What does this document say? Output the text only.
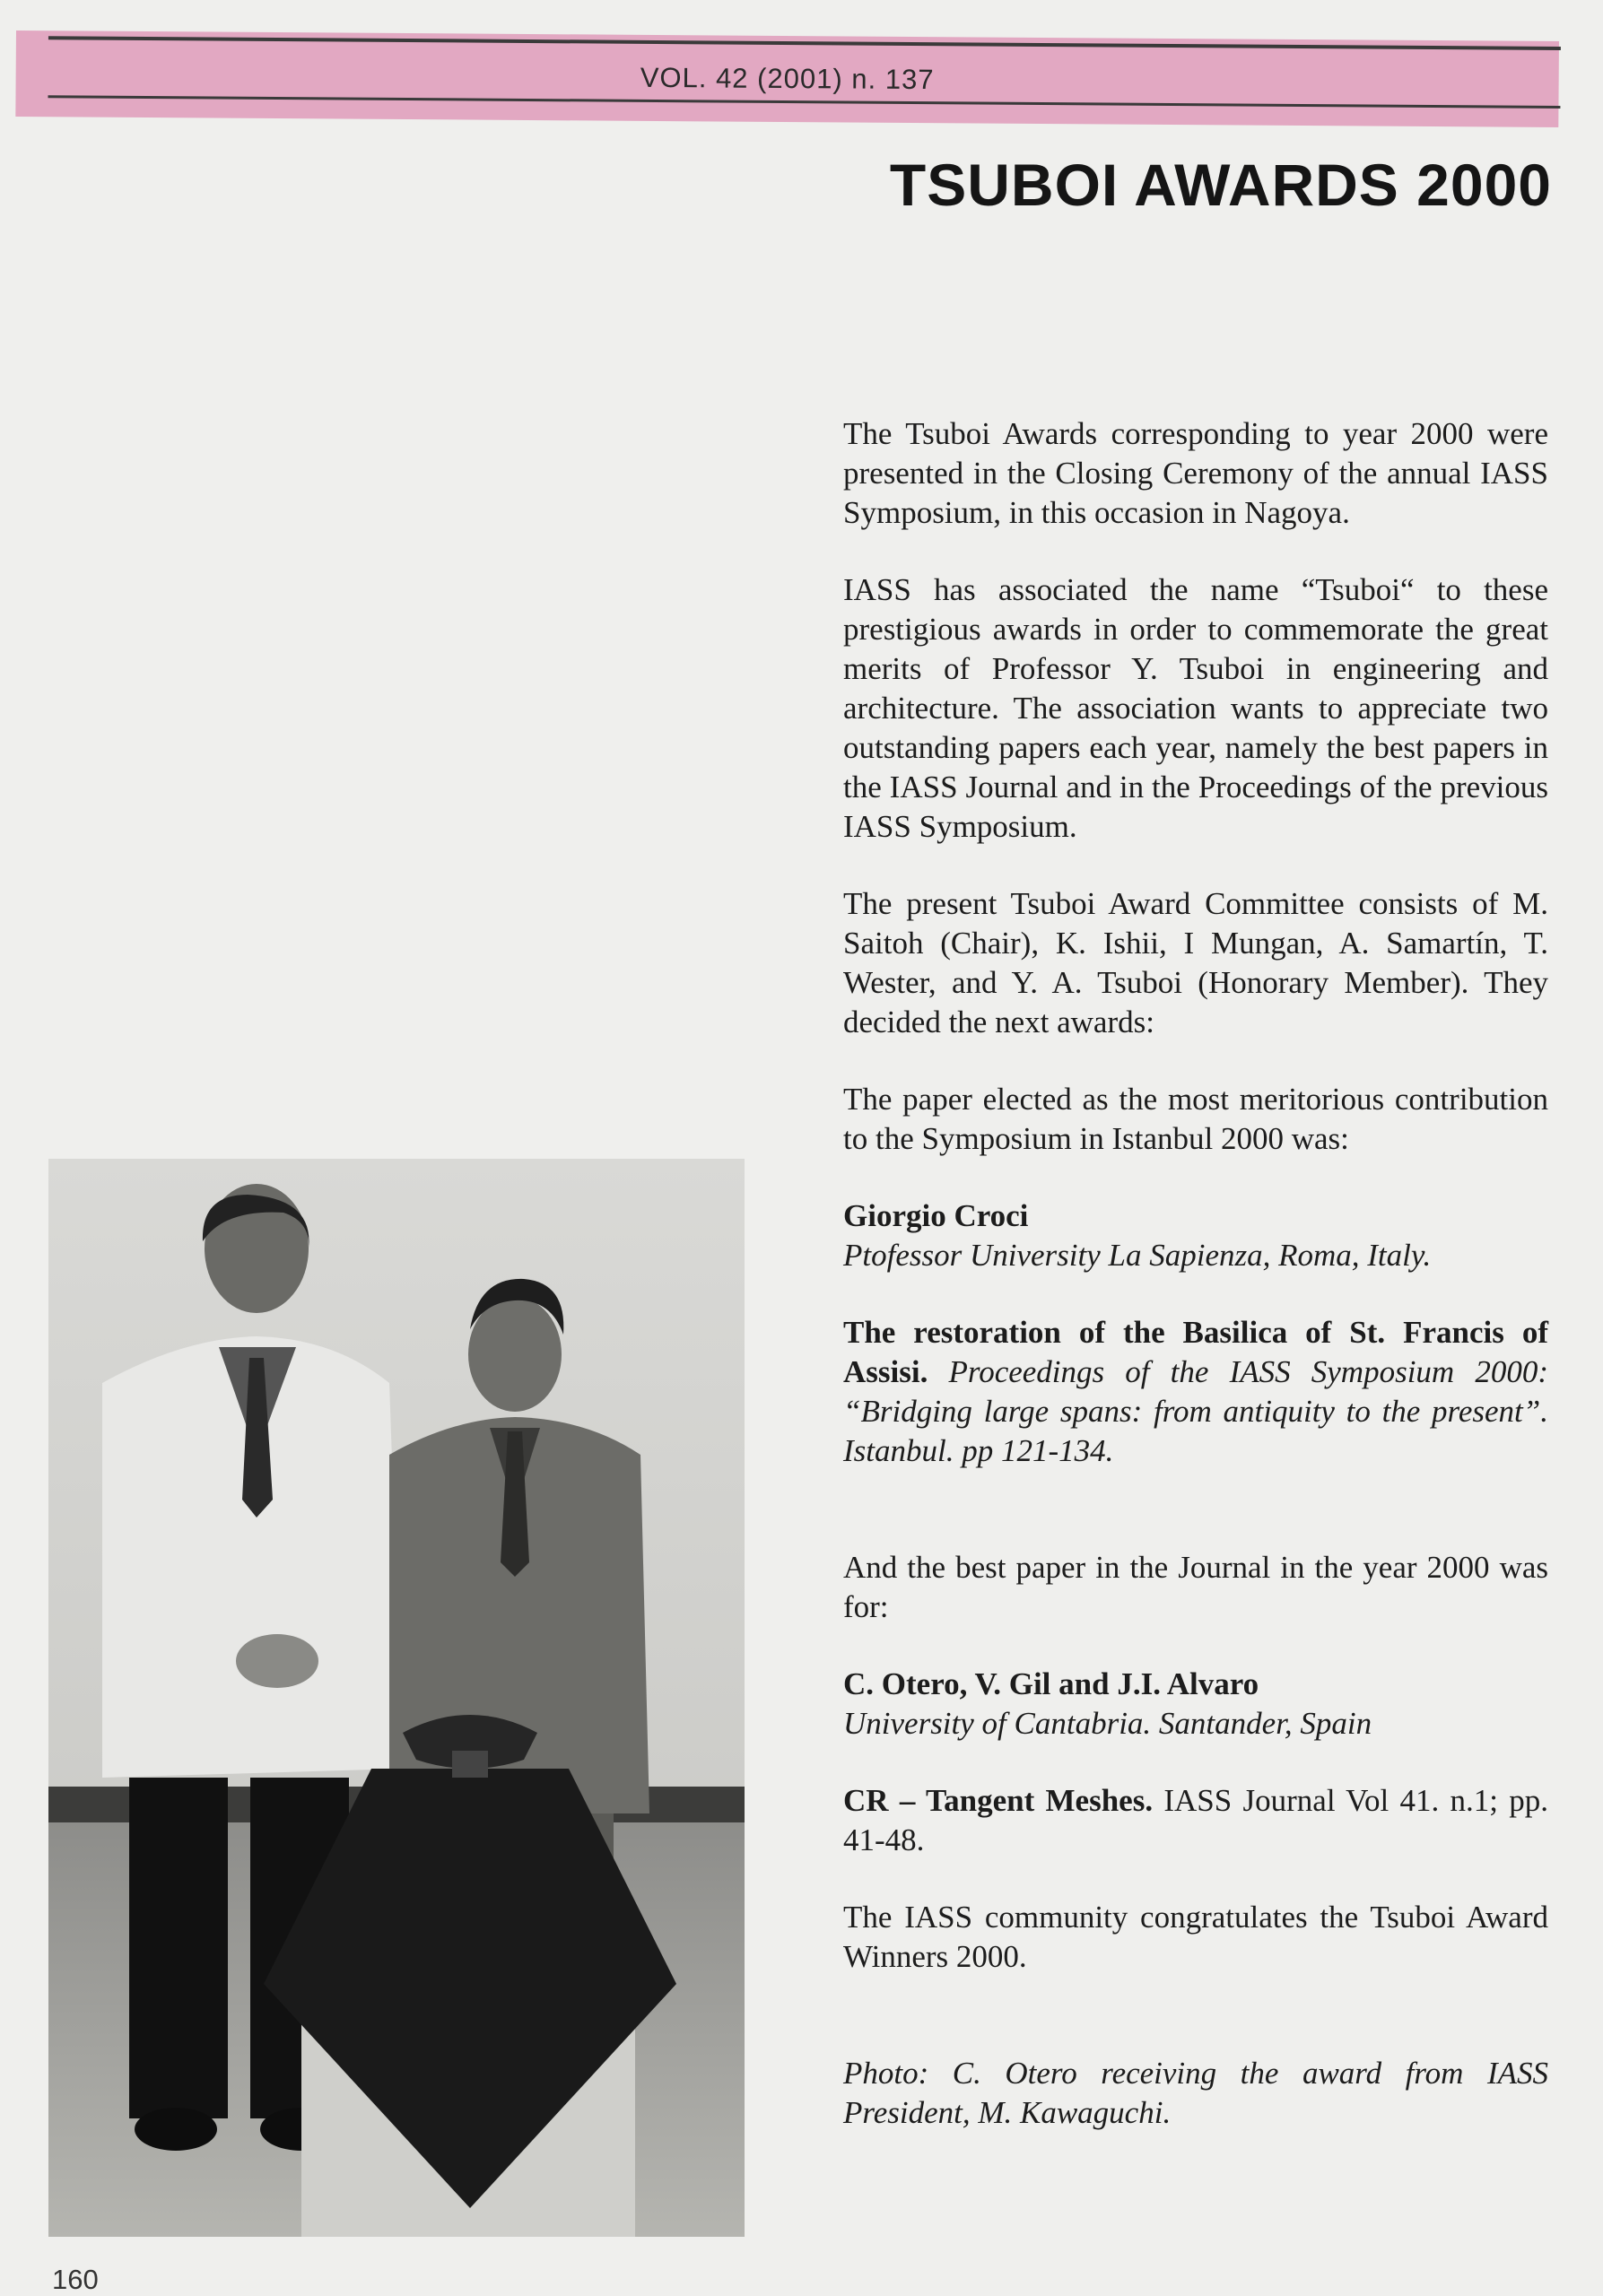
VOL. 42 (2001) n. 137
TSUBOI AWARDS 2000

The Tsuboi Awards corresponding to year 2000 were presented in the Closing Ceremony of the annual IASS Symposium, in this occasion in Nagoya.

IASS has associated the name “Tsuboi“ to these prestigious awards in order to commemorate the great merits of Professor Y. Tsuboi in engineering and architecture. The association wants to appreciate two outstanding papers each year, namely the best papers in the IASS Journal and in the Proceedings of the previous IASS Symposium.

The present Tsuboi Award Committee consists of M. Saitoh (Chair), K. Ishii, I Mungan, A. Samartín, T. Wester, and Y. A. Tsuboi (Honorary Member). They decided the next awards:

The paper elected as the most meritorious contribution to the Symposium in Istanbul 2000 was:

Giorgio Croci
Ptofessor University La Sapienza, Roma, Italy.

The restoration of the Basilica of St. Francis of Assisi. Proceedings of the IASS Symposium 2000: “Bridging large spans: from antiquity to the present”. Istanbul. pp 121-134.

And the best paper in the Journal in the year 2000 was for:

C. Otero, V. Gil and J.I. Alvaro
University of Cantabria. Santander, Spain

CR – Tangent Meshes. IASS Journal Vol 41. n.1; pp. 41-48.

The IASS community congratulates the Tsuboi Award Winners 2000.

Photo: C. Otero receiving the award from IASS President, M. Kawaguchi.

160
